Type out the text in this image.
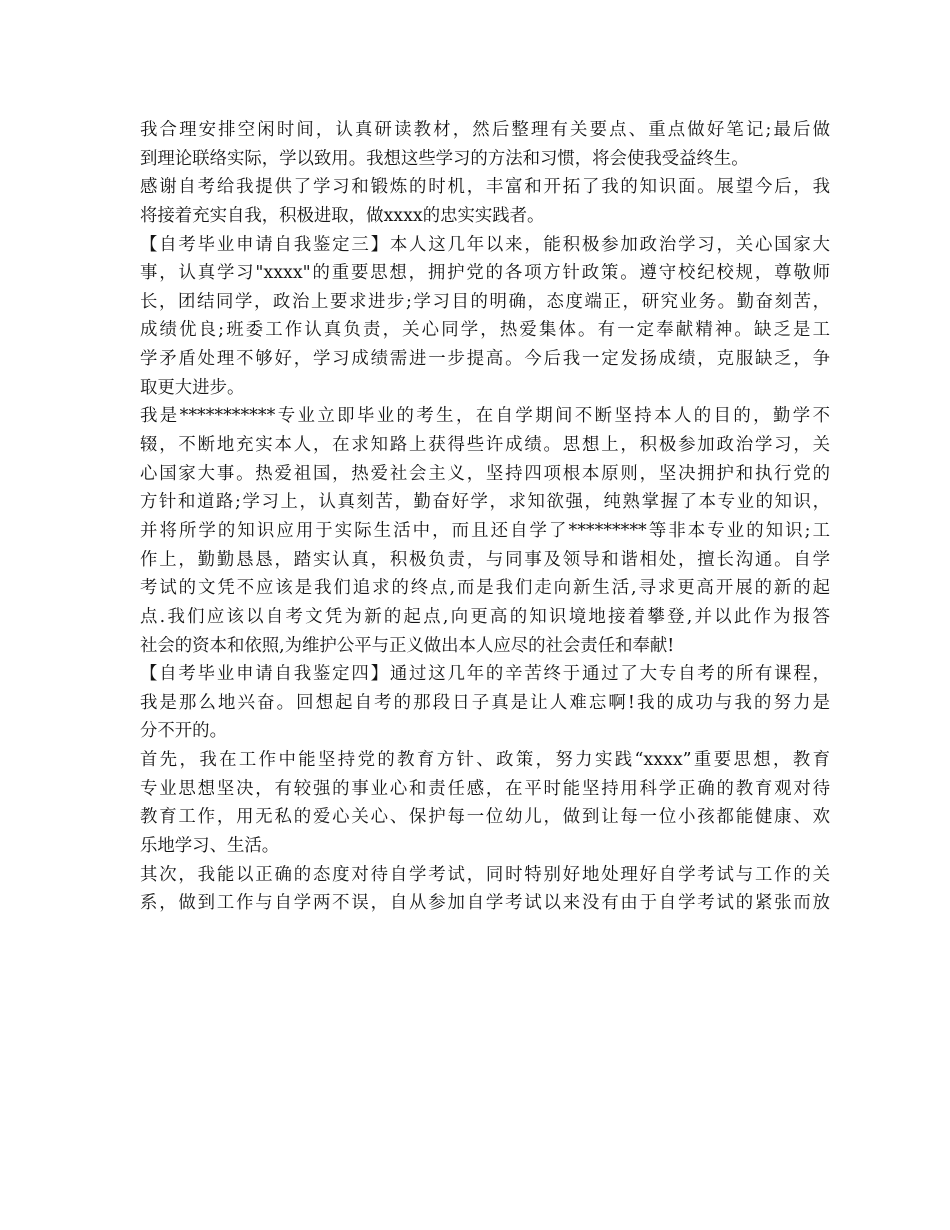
我合理安排空闲时间，认真研读教材，然后整理有关要点、重点做好笔记;最后做
到理论联络实际，学以致用。我想这些学习的方法和习惯，将会使我受益终生。
感谢自考给我提供了学习和锻炼的时机，丰富和开拓了我的知识面。展望今后，我
将接着充实自我，积极进取，做xxxx的忠实实践者。
【自考毕业申请自我鉴定三】本人这几年以来，能积极参加政治学习，关心国家大
事，认真学习"xxxx"的重要思想，拥护党的各项方针政策。遵守校纪校规，尊敬师
长，团结同学，政治上要求进步;学习目的明确，态度端正，研究业务。勤奋刻苦，
成绩优良;班委工作认真负责，关心同学，热爱集体。有一定奉献精神。缺乏是工
学矛盾处理不够好，学习成绩需进一步提高。今后我一定发扬成绩，克服缺乏，争
取更大进步。
我是***********专业立即毕业的考生，在自学期间不断坚持本人的目的，勤学不
辍，不断地充实本人，在求知路上获得些许成绩。思想上，积极参加政治学习，关
心国家大事。热爱祖国，热爱社会主义，坚持四项根本原则，坚决拥护和执行党的
方针和道路;学习上，认真刻苦，勤奋好学，求知欲强，纯熟掌握了本专业的知识，
并将所学的知识应用于实际生活中，而且还自学了*********等非本专业的知识;工
作上，勤勤恳恳，踏实认真，积极负责，与同事及领导和谐相处，擅长沟通。自学
考试的文凭不应该是我们追求的终点,而是我们走向新生活,寻求更高开展的新的起
点.我们应该以自考文凭为新的起点,向更高的知识境地接着攀登,并以此作为报答
社会的资本和依照,为维护公平与正义做出本人应尽的社会责任和奉献!
【自考毕业申请自我鉴定四】通过这几年的辛苦终于通过了大专自考的所有课程，
我是那么地兴奋。回想起自考的那段日子真是让人难忘啊!我的成功与我的努力是
分不开的。
首先，我在工作中能坚持党的教育方针、政策，努力实践“xxxx”重要思想，教育
专业思想坚决，有较强的事业心和责任感，在平时能坚持用科学正确的教育观对待
教育工作，用无私的爱心关心、保护每一位幼儿，做到让每一位小孩都能健康、欢
乐地学习、生活。
其次，我能以正确的态度对待自学考试，同时特别好地处理好自学考试与工作的关
系，做到工作与自学两不误，自从参加自学考试以来没有由于自学考试的紧张而放
